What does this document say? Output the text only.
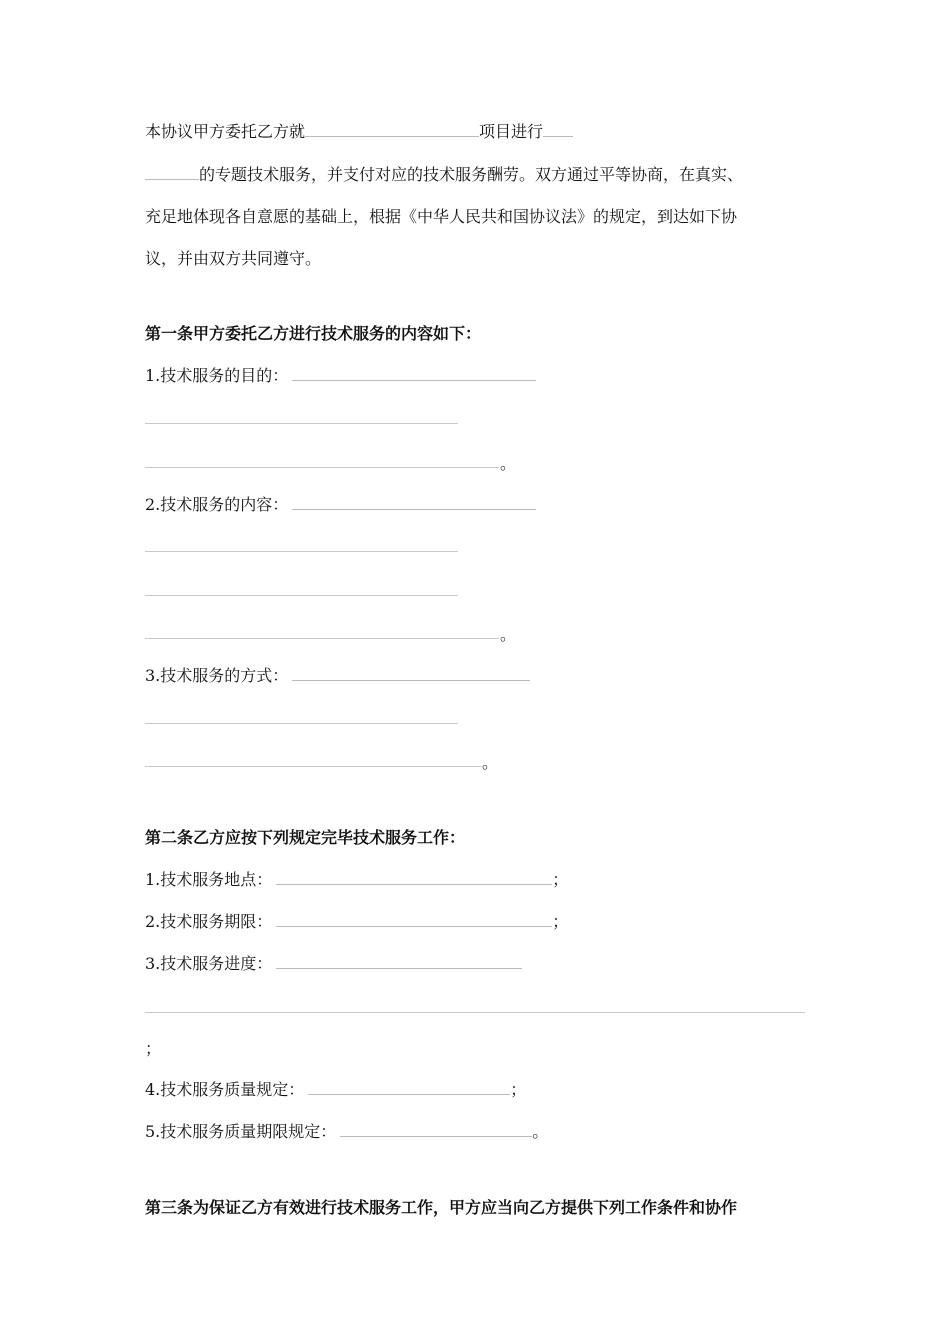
本协议甲方委托乙方就	项目进行
的专题技术服务，并支付对应的技术服务酬劳。双方通过平等协商，在真实、
充足地体现各自意愿的基础上，根据《中华人民共和国协议法》的规定，到达如下协
议，并由双方共同遵守。
第一条甲方委托乙方进行技术服务的内容如下：
1.技术服务的目的：
。
2.技术服务的内容：
。
3.技术服务的方式：
。
第二条乙方应按下列规定完毕技术服务工作：
1.技术服务地点：	；
2.技术服务期限：	；
3.技术服务进度：
；
4.技术服务质量规定：	；
5.技术服务质量期限规定：	。
第三条为保证乙方有效进行技术服务工作，甲方应当向乙方提供下列工作条件和协作
